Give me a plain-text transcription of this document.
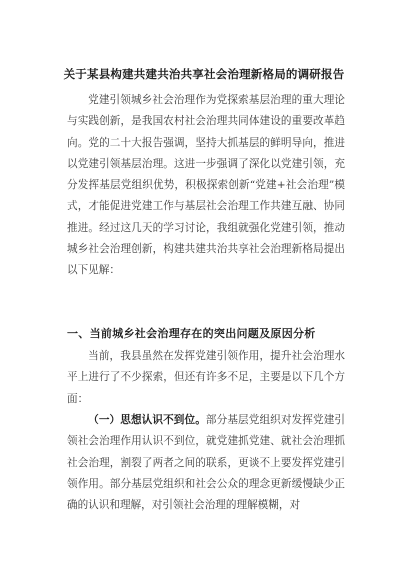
关于某县构建共建共治共享社会治理新格局的调研报告

党建引领城乡社会治理作为党探索基层治理的重大理论与实践创新，是我国农村社会治理共同体建设的重要改革趋向。党的二十大报告强调，坚持大抓基层的鲜明导向，推进以党建引领基层治理。这进一步强调了深化以党建引领，充分发挥基层党组织优势，积极探索创新“党建+社会治理”模式，才能促进党建工作与基层社会治理工作共建互融、协同推进。经过这几天的学习讨论，我组就强化党建引领，推动城乡社会治理创新，构建共建共治共享社会治理新格局提出以下见解：

一、当前城乡社会治理存在的突出问题及原因分析

当前，我县虽然在发挥党建引领作用，提升社会治理水平上进行了不少探索，但还有许多不足，主要是以下几个方面：

（一）思想认识不到位。部分基层党组织对发挥党建引领社会治理作用认识不到位，就党建抓党建、就社会治理抓社会治理，割裂了两者之间的联系，更谈不上要发挥党建引领作用。部分基层党组织和社会公众的理念更新缓慢缺少正确的认识和理解，对引领社会治理的理解模糊，对
